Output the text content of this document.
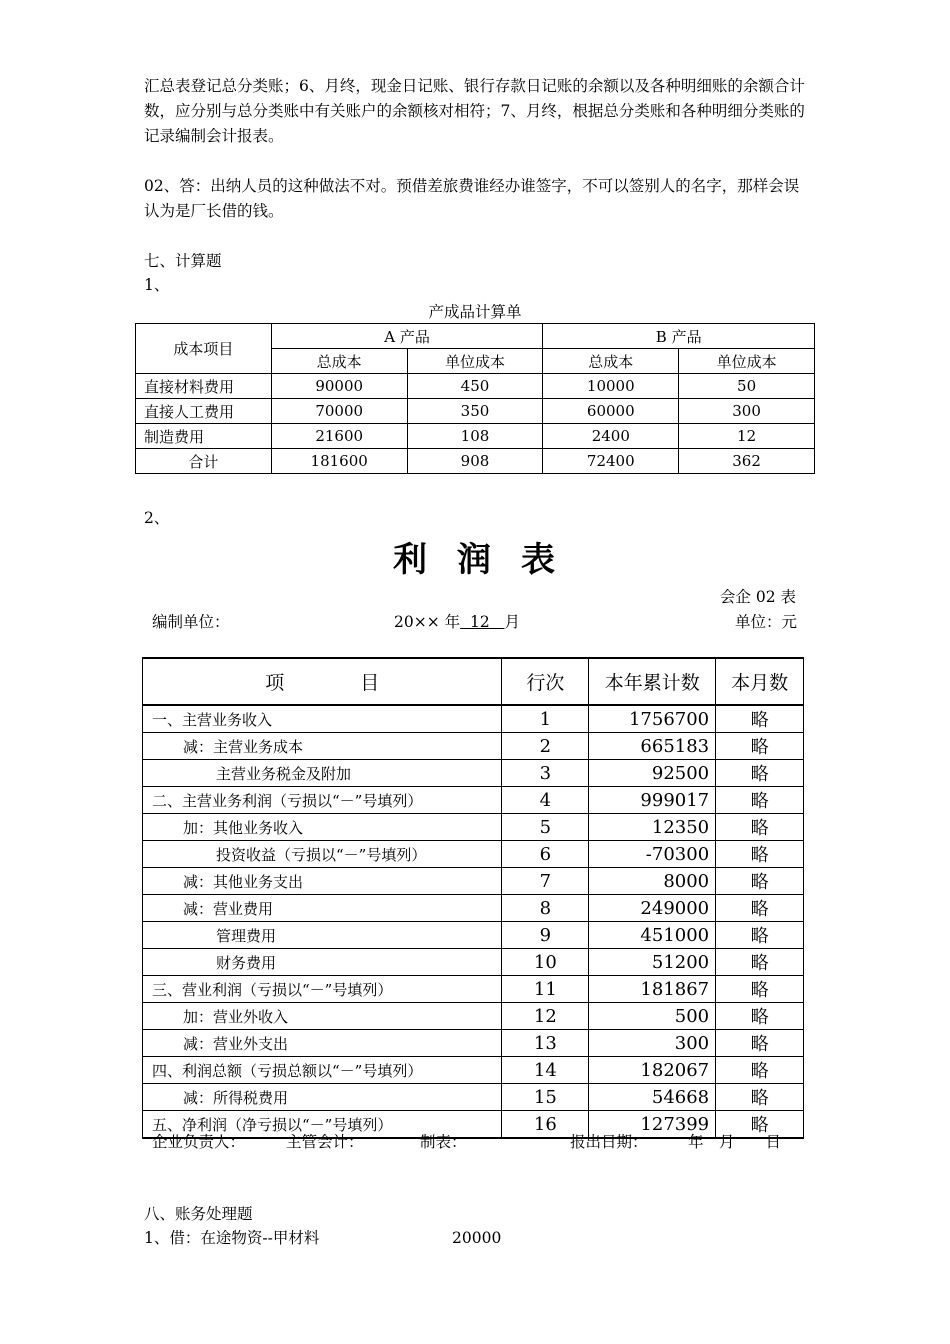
汇总表登记总分类账；6、月终，现金日记账、银行存款日记账的余额以及各种明细账的余额合计数，应分别与总分类账中有关账户的余额核对相符；7、月终，根据总分类账和各种明细分类账的记录编制会计报表。
02、答：出纳人员的这种做法不对。预借差旅费谁经办谁签字，不可以签别人的名字，那样会误认为是厂长借的钱。
七、计算题
1、
产成品计算单
成本项目	A 产品		B 产品	
	总成本	单位成本	总成本	单位成本
直接材料费用	90000	450	10000	50
直接人工费用	70000	350	60000	300
制造费用	21600	108	2400	12
合计	181600	908	72400	362
2、
利 润 表
会企 02 表
编制单位：	20×× 年 12 月	单位：元
项　　　　目	行次	本年累计数	本月数
一、主营业务收入	1	1756700	略
减：主营业务成本	2	665183	略
主营业务税金及附加	3	92500	略
二、主营业务利润（亏损以“－”号填列）	4	999017	略
加：其他业务收入	5	12350	略
投资收益（亏损以“－”号填列）	6	-70300	略
减：其他业务支出	7	8000	略
减：营业费用	8	249000	略
管理费用	9	451000	略
财务费用	10	51200	略
三、营业利润（亏损以“－”号填列）	11	181867	略
加：营业外收入	12	500	略
减：营业外支出	13	300	略
四、利润总额（亏损总额以“－”号填列）	14	182067	略
减：所得税费用	15	54668	略
五、净利润（净亏损以“－”号填列）	16	127399	略
企业负责人：	主管会计：	制表：	报出日期：	年　月　　日
八、账务处理题
1、借：在途物资--甲材料	20000
